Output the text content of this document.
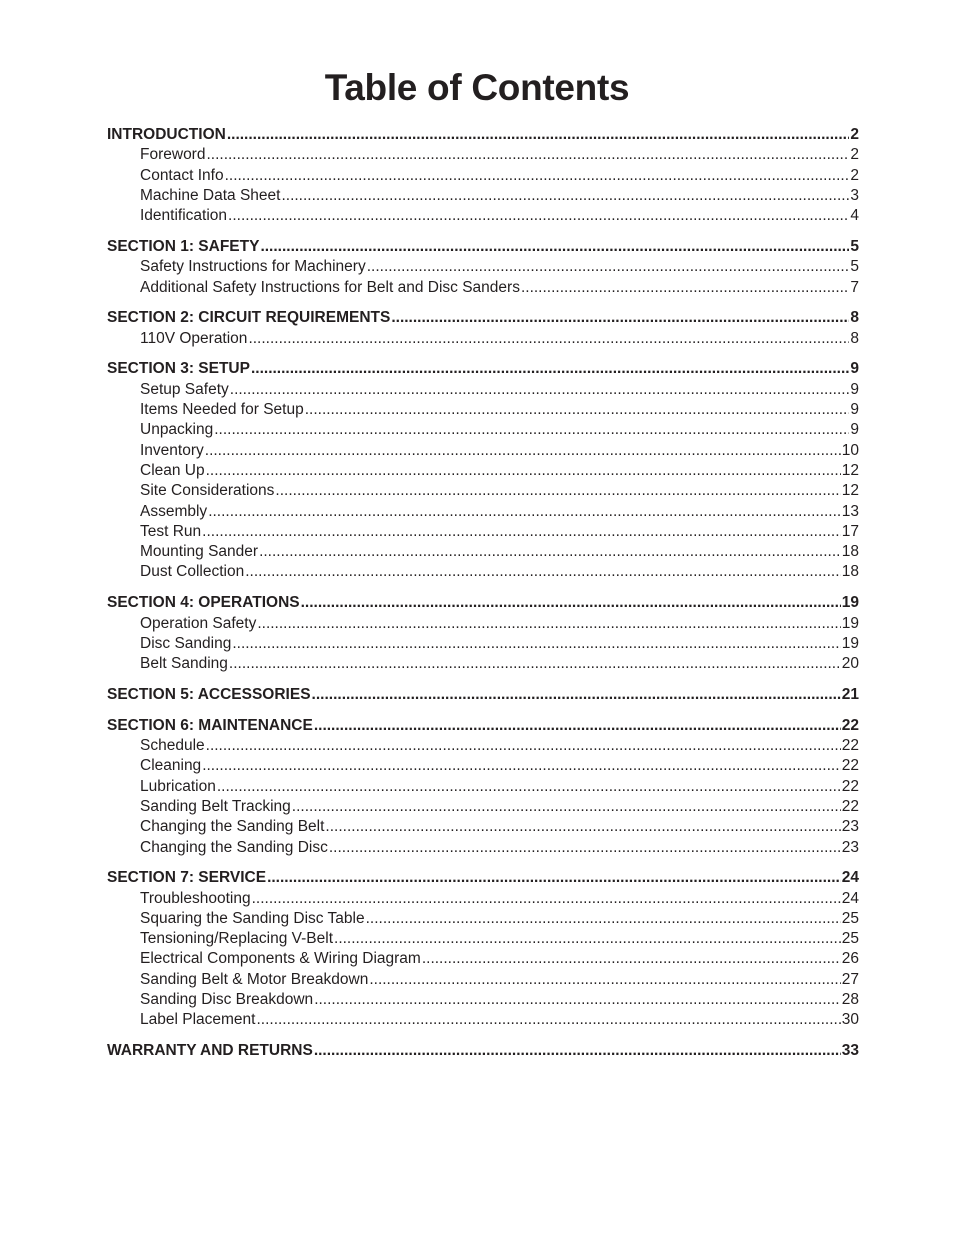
Table of Contents
INTRODUCTION .....	2
Foreword .....	2
Contact Info .....	2
Machine Data Sheet .....	3
Identification .....	4
SECTION 1: SAFETY .....	5
Safety Instructions for Machinery .....	5
Additional Safety Instructions for Belt and Disc Sanders .....	7
SECTION 2: CIRCUIT REQUIREMENTS .....	8
110V Operation .....	8
SECTION 3: SETUP .....	9
Setup Safety .....	9
Items Needed for Setup .....	9
Unpacking .....	9
Inventory .....	10
Clean Up .....	12
Site Considerations .....	12
Assembly .....	13
Test Run .....	17
Mounting Sander .....	18
Dust Collection .....	18
SECTION 4: OPERATIONS .....	19
Operation Safety .....	19
Disc Sanding .....	19
Belt Sanding .....	20
SECTION 5: ACCESSORIES .....	21
SECTION 6: MAINTENANCE .....	22
Schedule .....	22
Cleaning .....	22
Lubrication .....	22
Sanding Belt Tracking .....	22
Changing the Sanding Belt .....	23
Changing the Sanding Disc .....	23
SECTION 7: SERVICE .....	24
Troubleshooting .....	24
Squaring the Sanding Disc Table .....	25
Tensioning/Replacing V-Belt .....	25
Electrical Components & Wiring Diagram .....	26
Sanding Belt & Motor Breakdown .....	27
Sanding Disc Breakdown .....	28
Label Placement .....	30
WARRANTY AND RETURNS .....	33
